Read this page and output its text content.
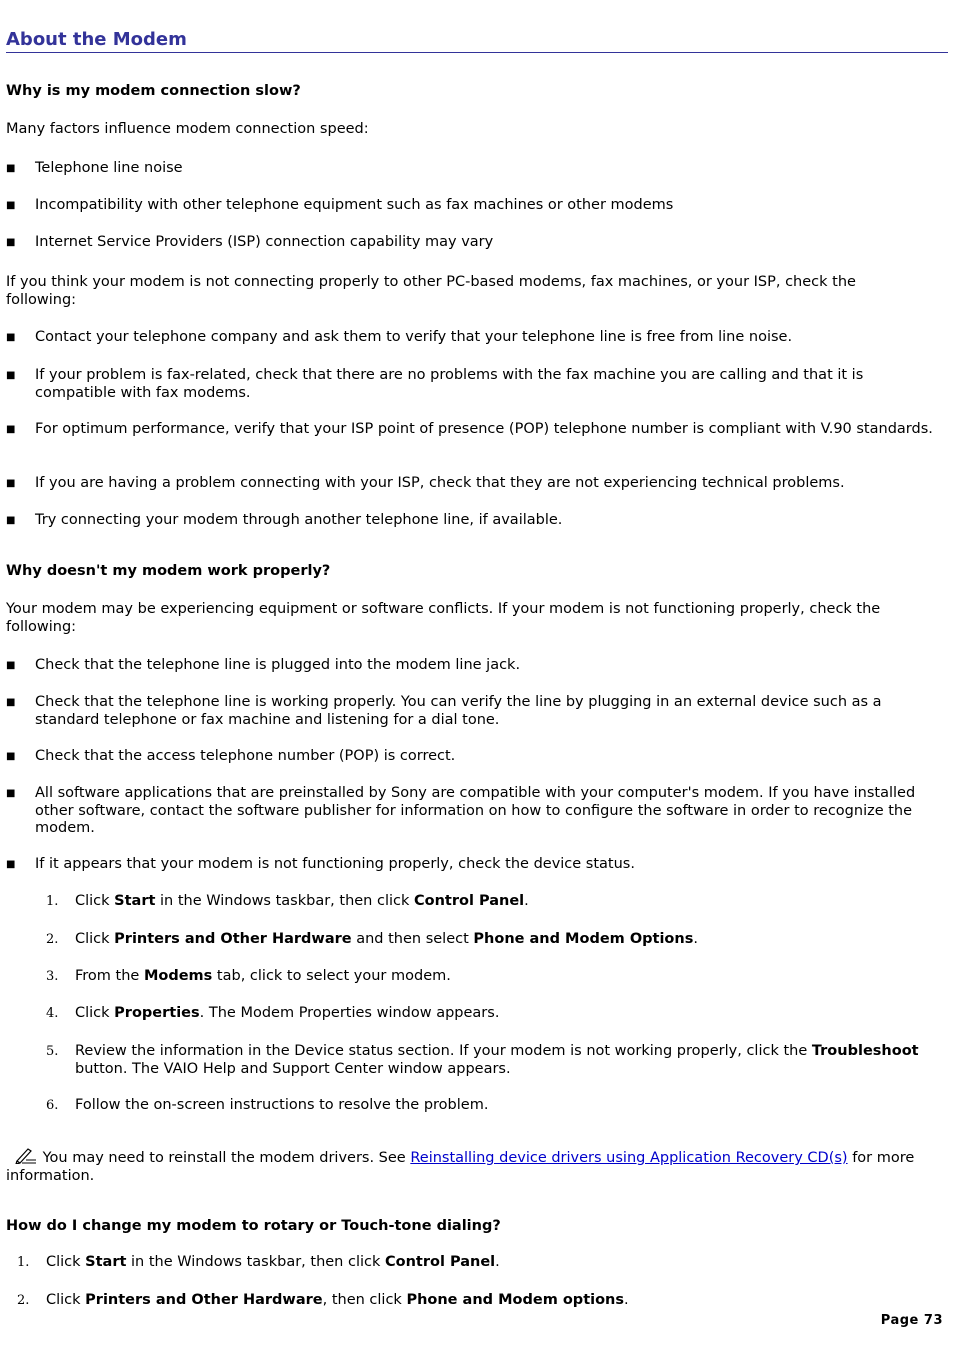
About the Modem

Why is my modem connection slow?

Many factors influence modem connection speed:

■ Telephone line noise
■ Incompatibility with other telephone equipment such as fax machines or other modems
■ Internet Service Providers (ISP) connection capability may vary

If you think your modem is not connecting properly to other PC-based modems, fax machines, or your ISP, check the following:

■ Contact your telephone company and ask them to verify that your telephone line is free from line noise.
■ If your problem is fax-related, check that there are no problems with the fax machine you are calling and that it is compatible with fax modems.
■ For optimum performance, verify that your ISP point of presence (POP) telephone number is compliant with V.90 standards.
■ If you are having a problem connecting with your ISP, check that they are not experiencing technical problems.
■ Try connecting your modem through another telephone line, if available.

Why doesn't my modem work properly?

Your modem may be experiencing equipment or software conflicts. If your modem is not functioning properly, check the following:

■ Check that the telephone line is plugged into the modem line jack.
■ Check that the telephone line is working properly. You can verify the line by plugging in an external device such as a standard telephone or fax machine and listening for a dial tone.
■ Check that the access telephone number (POP) is correct.
■ All software applications that are preinstalled by Sony are compatible with your computer's modem. If you have installed other software, contact the software publisher for information on how to configure the software in order to recognize the modem.
■ If it appears that your modem is not functioning properly, check the device status.
1. Click Start in the Windows taskbar, then click Control Panel.
2. Click Printers and Other Hardware and then select Phone and Modem Options.
3. From the Modems tab, click to select your modem.
4. Click Properties. The Modem Properties window appears.
5. Review the information in the Device status section. If your modem is not working properly, click the Troubleshoot button. The VAIO Help and Support Center window appears.
6. Follow the on-screen instructions to resolve the problem.

You may need to reinstall the modem drivers. See Reinstalling device drivers using Application Recovery CD(s) for more information.

How do I change my modem to rotary or Touch-tone dialing?

1. Click Start in the Windows taskbar, then click Control Panel.
2. Click Printers and Other Hardware, then click Phone and Modem options.
Page 73
